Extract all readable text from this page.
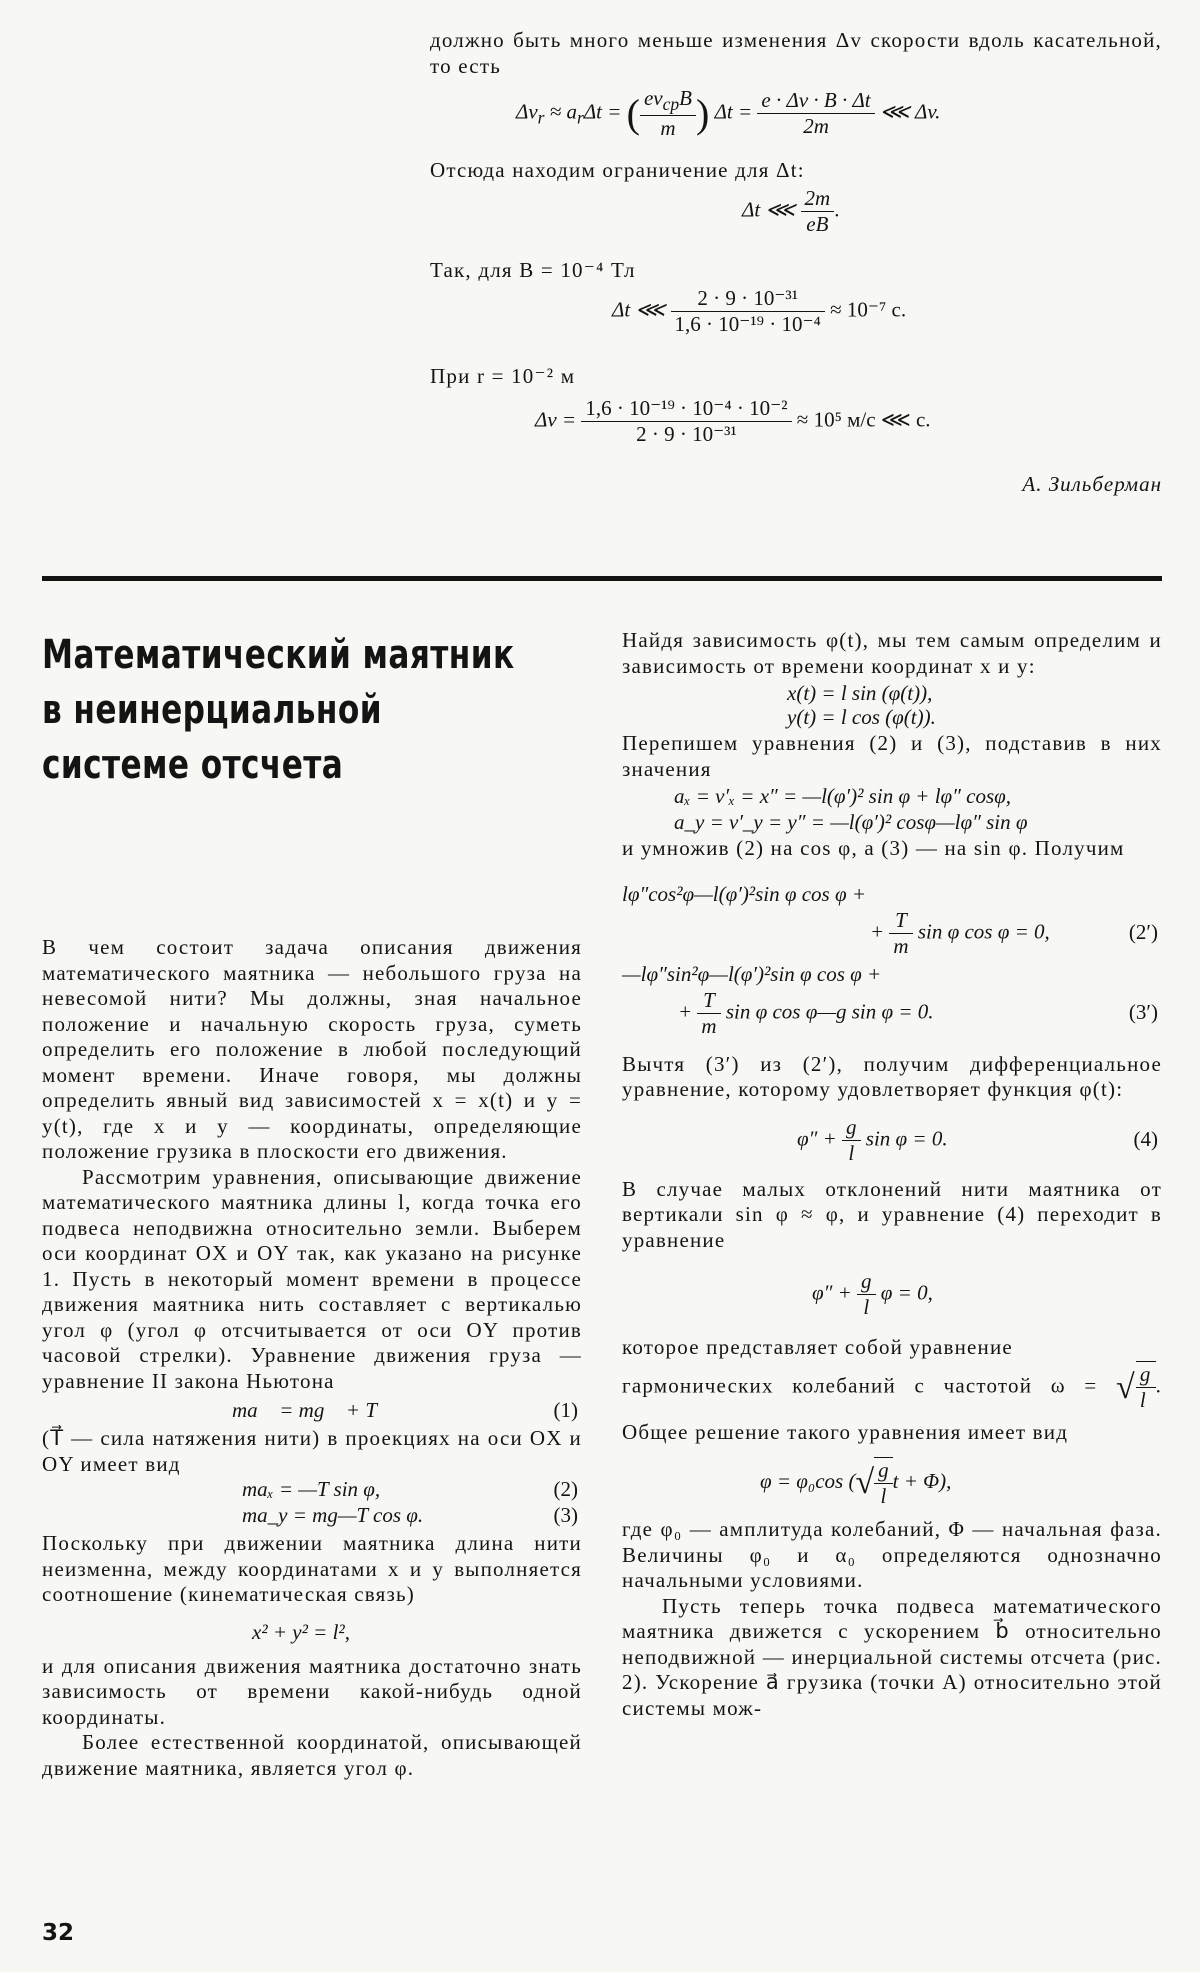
должно быть много меньше изменения Δv скорости вдоль касательной, то есть
$\Delta v_r \approx a_r\Delta t$ = ( $\frac{ev_{ср}B}{m}$ ) $\Delta t = \frac{e \cdot \Delta v \cdot B \cdot \Delta t}{2m}$ ⋘ Δv.
Отсюда находим ограничение для Δt:
Δt ⋘ $\frac{2m}{eB}$ .
Так, для B = 10⁻⁴ Тл
Δt ⋘ $\frac{\text{2 · 9 · 10⁻³¹}}{\text{1,6 · 10⁻¹⁹ · 10⁻⁴}} \approx 10^{-7}$ с.
При r = 10⁻² м
$\Delta v = \frac{\text{1,6 · 10⁻¹⁹ · 10⁻⁴ · 10⁻²}}{\text{2 · 9 · 10⁻³¹}} \approx 10^5$ м/с ⋘ c.
А. Зильберман
Математический маятник
в неинерциальной
системе отсчета
В чем состоит задача описания движения математического маятника — небольшого груза на невесомой нити? Мы должны, зная начальное положение и начальную скорость груза, суметь определить его положение в любой последующий момент времени. Иначе говоря, мы должны определить явный вид зависимостей x = x(t) и y = y(t), где x и y — координаты, определяющие положение грузика в плоскости его движения.
Рассмотрим уравнения, описывающие движение математического маятника длины l, когда точка его подвеса неподвижна относительно земли. Выберем оси координат OX и OY так, как указано на рисунке 1. Пусть в некоторый момент времени в процессе движения маятника нить составляет с вертикалью угол φ (угол φ отсчитывается от оси OY против часовой стрелки). Уравнение движения груза — уравнение II закона Ньютона
ma⃗ = mg⃗ + T⃗	(1)
(T⃗ — сила натяжения нити) в проекциях на оси OX и OY имеет вид
maₓ = —T sin φ,	(2)
ma_y = mg—T cos φ.	(3)
Поскольку при движении маятника длина нити неизменна, между координатами x и y выполняется соотношение (кинематическая связь)
x² + y² = l²,
и для описания движения маятника достаточно знать зависимость от времени какой-нибудь одной координаты.
Более естественной координатой, описывающей движение маятника, является угол φ.
Найдя зависимость φ(t), мы тем самым определим и зависимость от времени координат x и y:
x(t) = l sin (φ(t)),
y(t) = l cos (φ(t)).
Перепишем уравнения (2) и (3), подставив в них значения
aₓ = v′ₓ = x″ = —l(φ′)² sin φ + lφ″ cosφ,
a_y = v′_y = y″ = —l(φ′)² cosφ—lφ″ sin φ
и умножив (2) на cos φ, а (3) — на sin φ. Получим
lφ″cos²φ—l(φ′)²sin φ cos φ +
+ $\frac{T}{m}$ sin φ cos φ = 0,	(2′)
—lφ″sin²φ—l(φ′)²sin φ cos φ +
+ $\frac{T}{m}$ sin φ cos φ—g sin φ = 0.	(3′)
Вычтя (3′) из (2′), получим дифференциальное уравнение, которому удовлетворяет функция φ(t):
$\varphi'' + \frac{g}{l}$ sin φ = 0.	(4)
В случае малых отклонений нити маятника от вертикали sin φ ≈ φ, и уравнение (4) переходит в уравнение
$\varphi'' + \frac{g}{l}$ φ = 0,
которое представляет собой уравнение гармонических колебаний с частотой ω = √ $\frac{g}{l}$ .
Общее решение такого уравнения имеет вид
φ = φ₀cos (√ $\frac{g}{l}$ t + Φ),
где φ₀ — амплитуда колебаний, Φ — начальная фаза. Величины φ₀ и α₀ определяются однозначно начальными условиями.
Пусть теперь точка подвеса математического маятника движется с ускорением b⃗ относительно неподвижной — инерциальной системы отсчета (рис. 2). Ускорение a⃗ грузика (точки A) относительно этой системы мож-
32
